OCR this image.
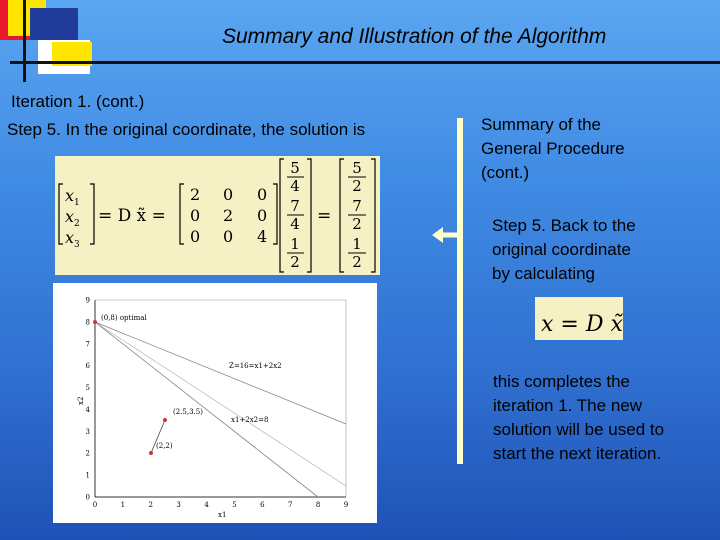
Summary and Illustration of the Algorithm
Iteration 1. (cont.)
Step 5. In the original coordinate, the solution is
x 1
x 2
x 3
= D x̃ =
2 0 0
0 2 0
0 0 4
5
4
7
4
1
2
=
5
2
7
2
1
2
0	1	2	3	4	5	6	7	8	9
0
1
2
3
4
5
6
7
8
9
(0,8) optimal
Z=16=x1+2x2
x1+2x2=8
(2.5,3.5)
(2,2)
x1
x2
Summary of the
General Procedure
(cont.)
Step 5. Back to the
original coordinate
by calculating
x = D x̃
this completes the
iteration 1. The new
solution will be used to
start the next iteration.
